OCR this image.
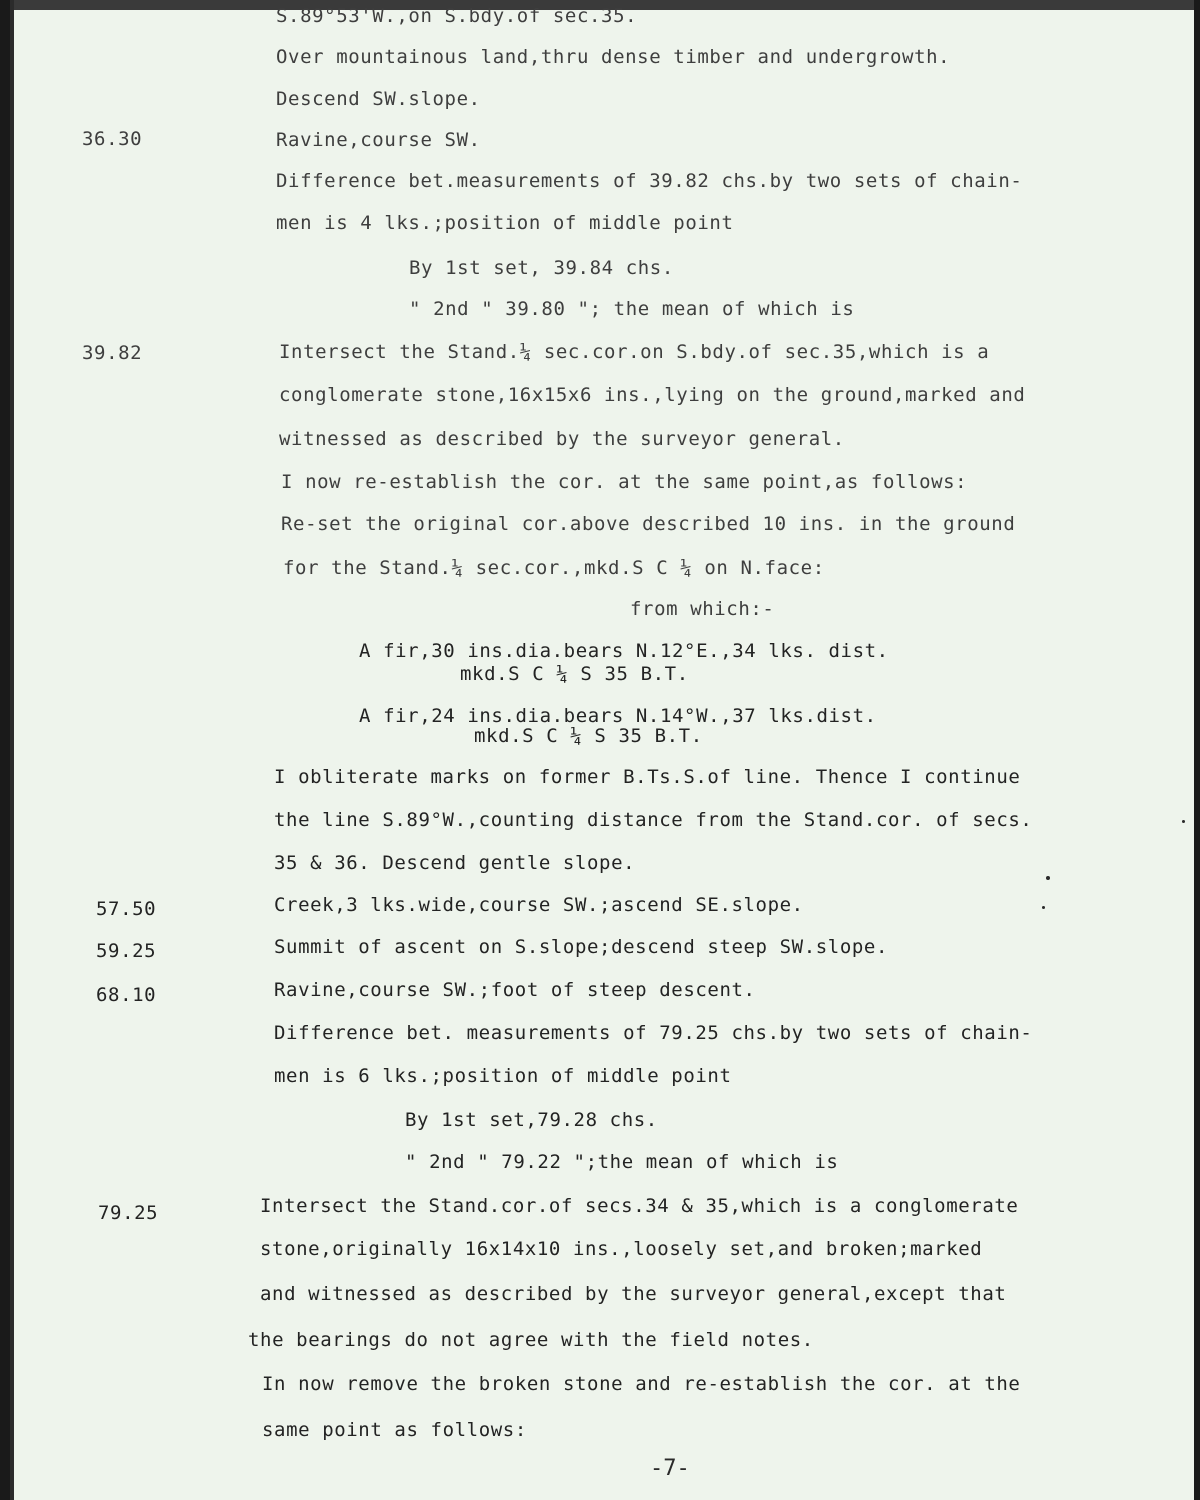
S.89°53'W.,on S.bdy.of sec.35.
Over mountainous land,thru dense timber and undergrowth.
Descend SW.slope.
36.30	Ravine,course SW.
Difference bet.measurements of 39.82 chs.by two sets of chain-
men is 4 lks.;position of middle point
By 1st set, 39.84 chs.
" 2nd " 39.80 "; the mean of which is
39.82	Intersect the Stand.¼ sec.cor.on S.bdy.of sec.35,which is a
conglomerate stone,16x15x6 ins.,lying on the ground,marked and
witnessed as described by the surveyor general.
I now re-establish the cor. at the same point,as follows:
Re-set the original cor.above described 10 ins. in the ground
for the Stand.¼ sec.cor.,mkd.S C ¼ on N.face:
from which:-
A fir,30 ins.dia.bears N.12°E.,34 lks. dist.
mkd.S C ¼ S 35 B.T.
A fir,24 ins.dia.bears N.14°W.,37 lks.dist.
mkd.S C ¼ S 35 B.T.
I obliterate marks on former B.Ts.S.of line. Thence I continue
the line S.89°W.,counting distance from the Stand.cor. of secs.
35 & 36. Descend gentle slope.
57.50	Creek,3 lks.wide,course SW.;ascend SE.slope.
59.25	Summit of ascent on S.slope;descend steep SW.slope.
68.10	Ravine,course SW.;foot of steep descent.
Difference bet. measurements of 79.25 chs.by two sets of chain-
men is 6 lks.;position of middle point
By 1st set,79.28 chs.
" 2nd " 79.22 ";the mean of which is
79.25	Intersect the Stand.cor.of secs.34 & 35,which is a conglomerate
stone,originally 16x14x10 ins.,loosely set,and broken;marked
and witnessed as described by the surveyor general,except that
the bearings do not agree with the field notes.
In now remove the broken stone and re-establish the cor. at the
same point as follows:
-7-
